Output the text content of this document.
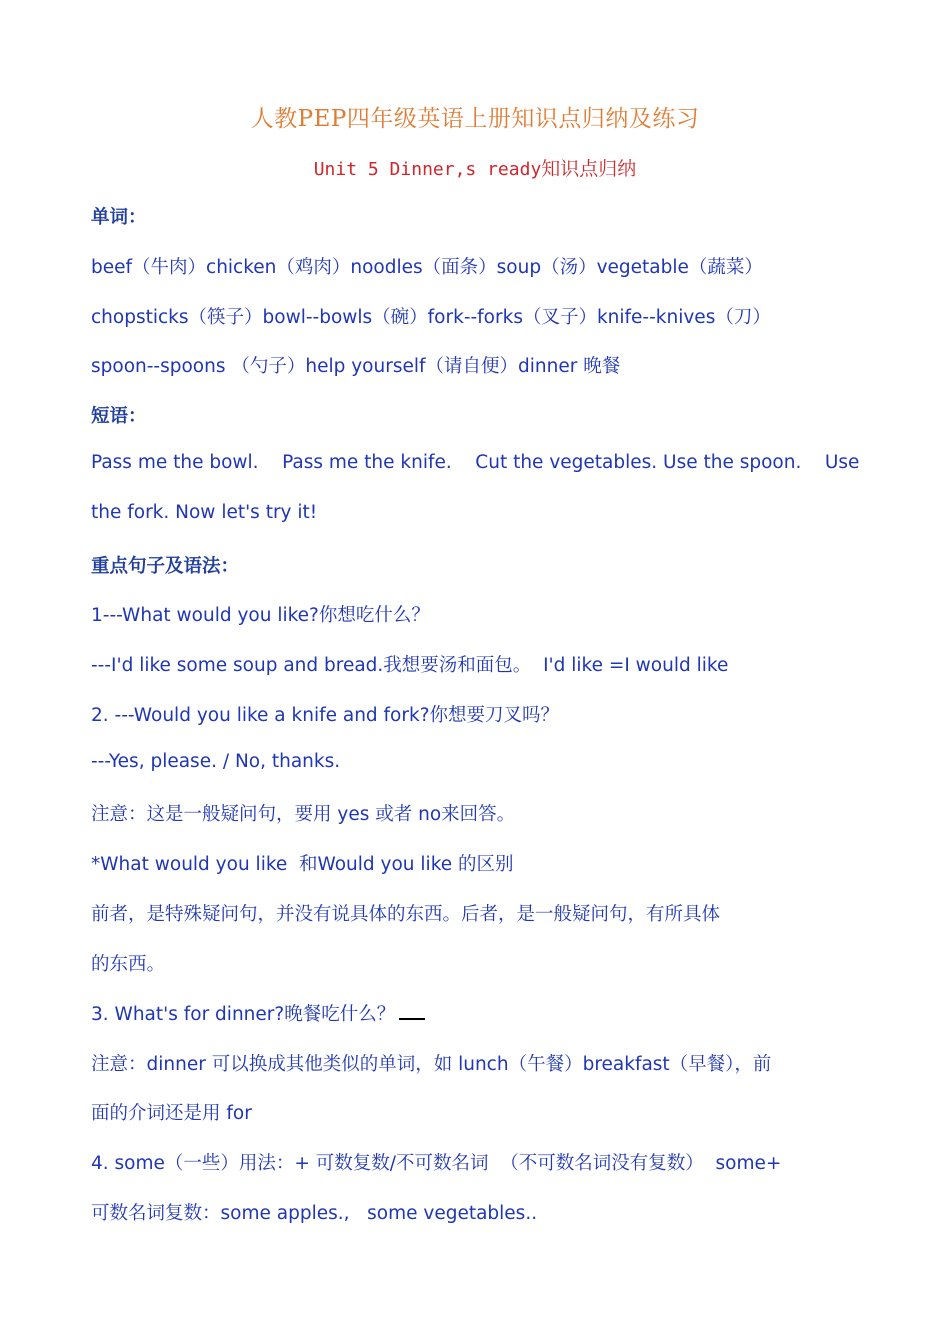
人教PEP四年级英语上册知识点归纳及练习
Unit 5 Dinner,s ready知识点归纳
单词：
beef（牛肉）chicken（鸡肉）noodles（面条）soup（汤）vegetable（蔬菜）
chopsticks（筷子）bowl--bowls（碗）fork--forks（叉子）knife--knives（刀）
spoon--spoons （勺子）help yourself（请自便）dinner 晚餐
短语：
Pass me the bowl.    Pass me the knife.    Cut the vegetables. Use the spoon.    Use
the fork. Now let's try it!
重点句子及语法：
1---What would you like?你想吃什么？
---I'd like some soup and bread.我想要汤和面包。  I'd like =I would like
2. ---Would you like a knife and fork?你想要刀叉吗？
---Yes, please. / No, thanks.
注意：这是一般疑问句，要用 yes 或者 no来回答。
*What would you like  和Would you like 的区别
前者，是特殊疑问句，并没有说具体的东西。后者，是一般疑问句，有所具体
的东西。
3. What's for dinner?晚餐吃什么？
注意：dinner 可以换成其他类似的单词，如 lunch（午餐）breakfast（早餐），前
面的介词还是用 for
4. some（一些）用法：+ 可数复数/不可数名词  （不可数名词没有复数）  some+
可数名词复数：some apples.,   some vegetables..
